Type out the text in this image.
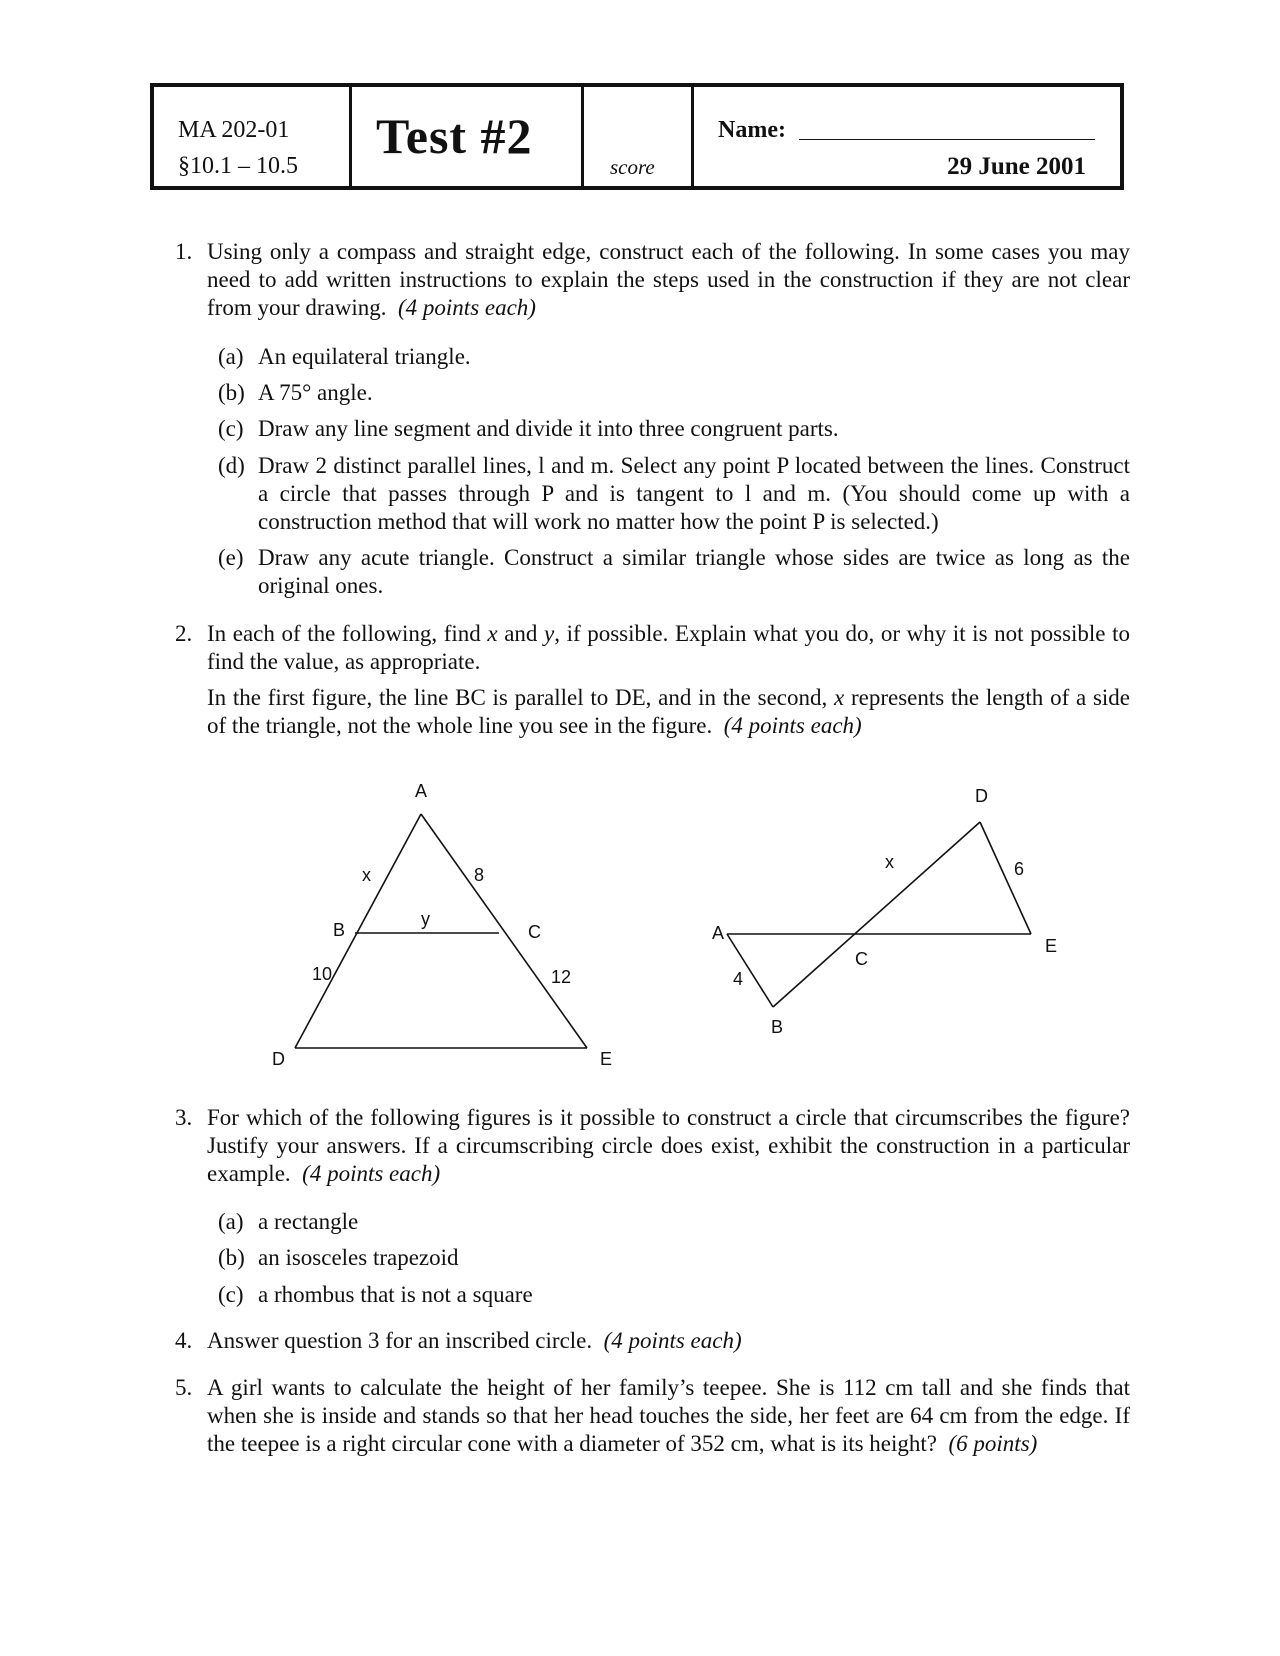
MA 202-01
§10.1 – 10.5
Test #2
score
Name:
29 June 2001
1. Using only a compass and straight edge, construct each of the following. In some cases you may need to add written instructions to explain the steps used in the construction if they are not clear from your drawing. (4 points each)
(a) An equilateral triangle.
(b) A 75° angle.
(c) Draw any line segment and divide it into three congruent parts.
(d) Draw 2 distinct parallel lines, l and m. Select any point P located between the lines. Construct a circle that passes through P and is tangent to l and m. (You should come up with a construction method that will work no matter how the point P is selected.)
(e) Draw any acute triangle. Construct a similar triangle whose sides are twice as long as the original ones.
2. In each of the following, find x and y, if possible. Explain what you do, or why it is not possible to find the value, as appropriate.
In the first figure, the line BC is parallel to DE, and in the second, x represents the length of a side of the triangle, not the whole line you see in the figure. (4 points each)
A
B	C
D	E
x
y
8
10	12
A
B
C
D
E
x	6
4
3. For which of the following figures is it possible to construct a circle that circumscribes the figure? Justify your answers. If a circumscribing circle does exist, exhibit the construction in a particular example. (4 points each)
(a) a rectangle
(b) an isosceles trapezoid
(c) a rhombus that is not a square
4. Answer question 3 for an inscribed circle. (4 points each)
5. A girl wants to calculate the height of her family’s teepee. She is 112 cm tall and she finds that when she is inside and stands so that her head touches the side, her feet are 64 cm from the edge. If the teepee is a right circular cone with a diameter of 352 cm, what is its height? (6 points)
